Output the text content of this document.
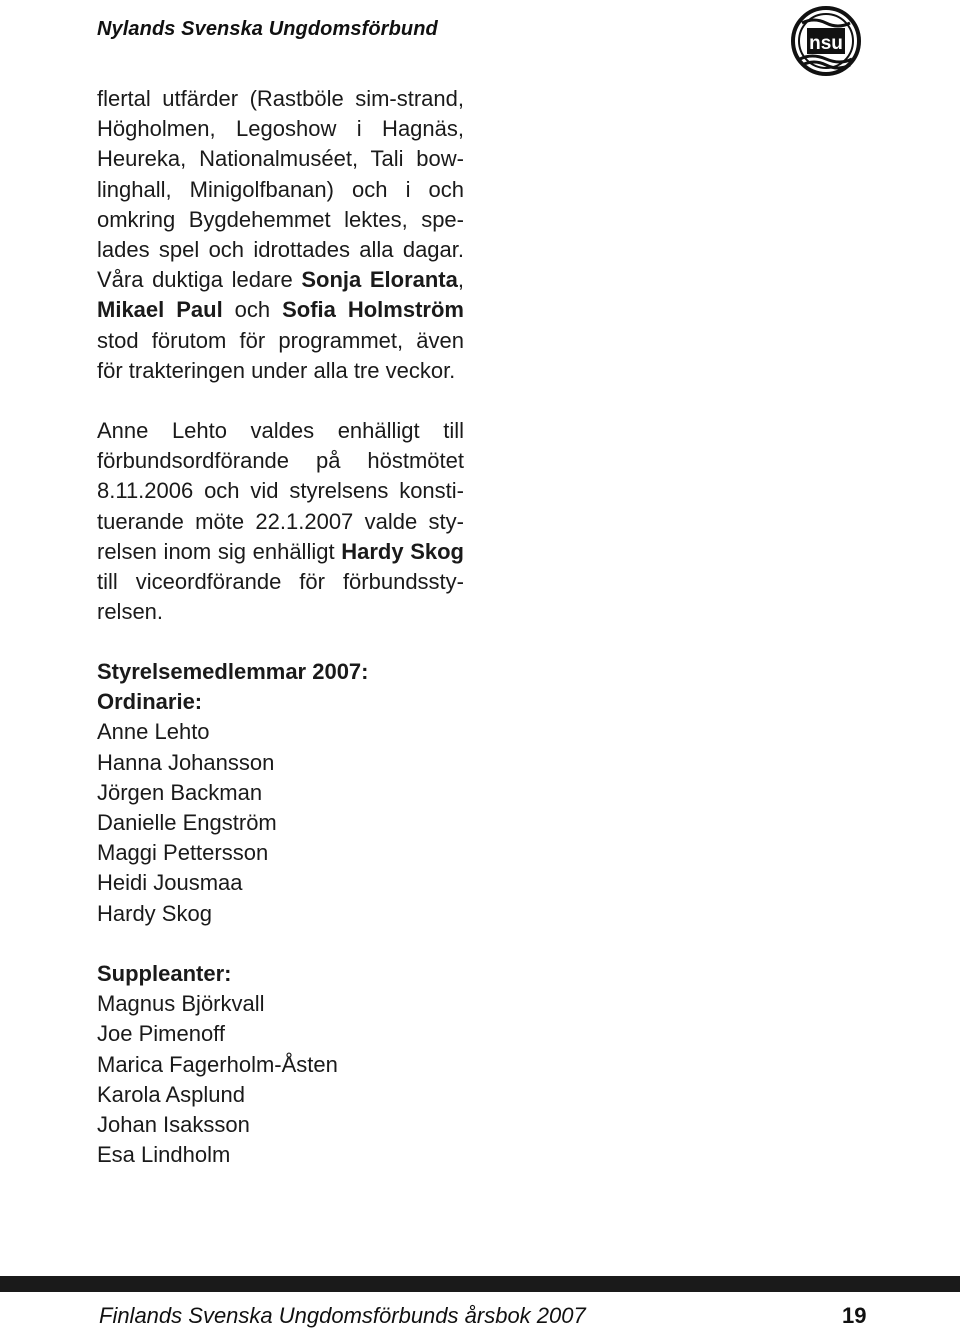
Nylands Svenska Ungdomsförbund
nsu
flertal utfärder (Rastböle sim-strand,
Högholmen, Legoshow i Hagnäs,
Heureka, Nationalmuséet, Tali bow-
linghall, Minigolfbanan) och i och
omkring Bygdehemmet lektes, spe-
lades spel och idrottades alla dagar.
Våra duktiga ledare Sonja Eloranta,
Mikael Paul och Sofia Holmström
stod förutom för programmet, även
för trakteringen under alla tre veckor.
Anne Lehto valdes enhälligt till
förbundsordförande på höstmötet
8.11.2006 och vid styrelsens konsti-
tuerande möte 22.1.2007 valde sty-
relsen inom sig enhälligt Hardy Skog
till viceordförande för förbundssty-
relsen.
Styrelsemedlemmar 2007:
Ordinarie:
Anne Lehto
Hanna Johansson
Jörgen Backman
Danielle Engström
Maggi Pettersson
Heidi Jousmaa
Hardy Skog
Suppleanter:
Magnus Björkvall
Joe Pimenoff
Marica Fagerholm-Åsten
Karola Asplund
Johan Isaksson
Esa Lindholm
Finlands Svenska Ungdomsförbunds årsbok 2007	19
